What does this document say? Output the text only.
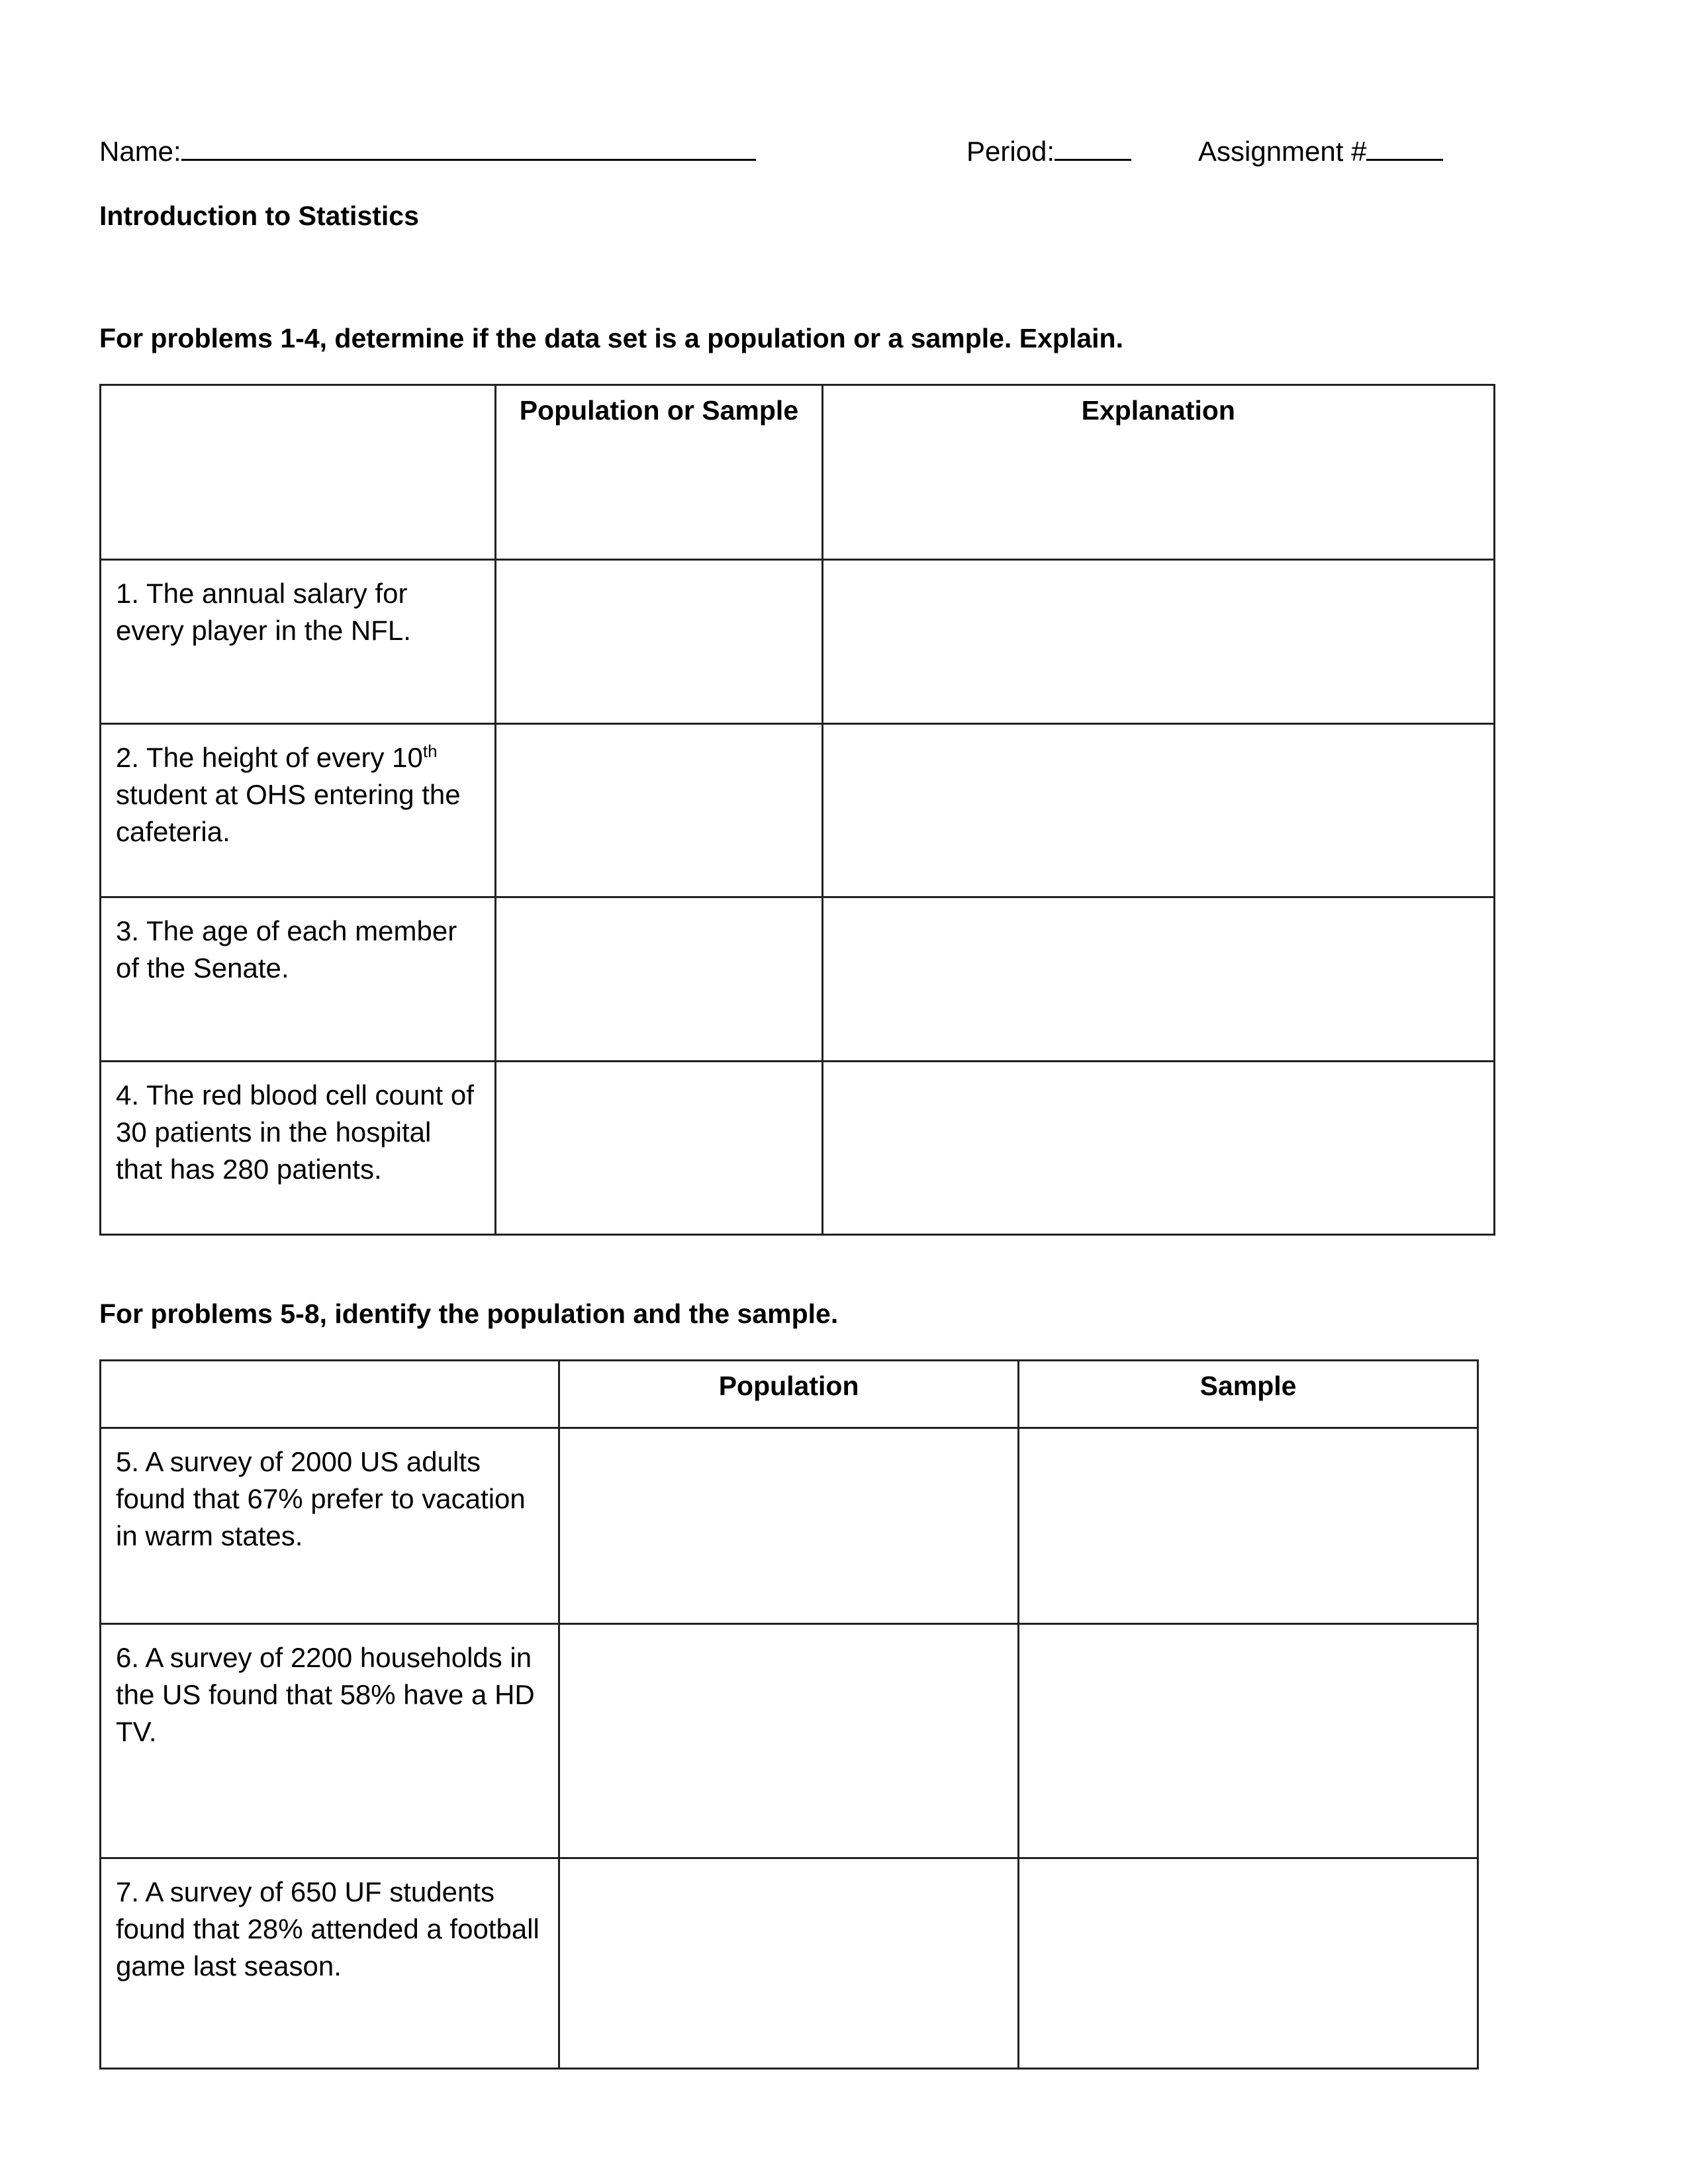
Name:	Period:	Assignment #
Introduction to Statistics
For problems 1-4, determine if the data set is a population or a sample. Explain.
	Population or Sample	Explanation
1. The annual salary for every player in the NFL.		
2. The height of every 10th student at OHS entering the cafeteria.		
3. The age of each member of the Senate.		
4. The red blood cell count of 30 patients in the hospital that has 280 patients.		
For problems 5-8, identify the population and the sample.
	Population	Sample
5. A survey of 2000 US adults found that 67% prefer to vacation in warm states.		
6. A survey of 2200 households in the US found that 58% have a HD TV.		
7. A survey of 650 UF students found that 28% attended a football game last season.		
